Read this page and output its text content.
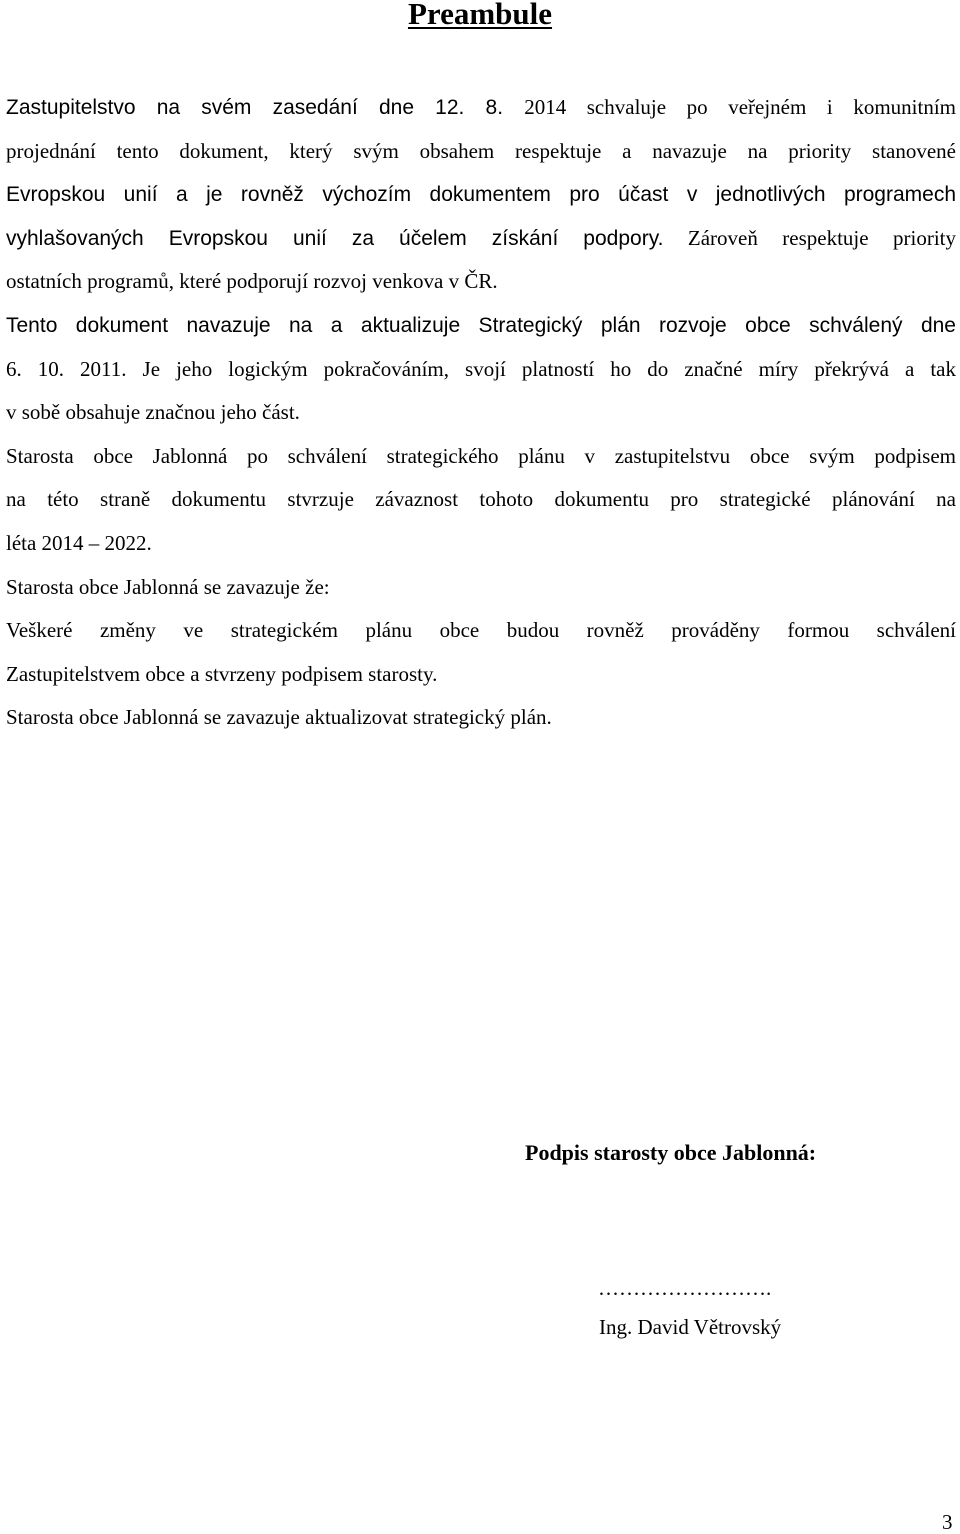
Preambule
Zastupitelstvo na svém zasedání dne 12. 8. 2014 schvaluje po veřejném i komunitním
projednání tento dokument, který svým obsahem respektuje a navazuje na priority stanovené
Evropskou unií a je rovněž výchozím dokumentem pro účast v jednotlivých programech
vyhlašovaných Evropskou unií za účelem získání podpory. Zároveň respektuje priority
ostatních programů, které podporují rozvoj venkova v ČR.
Tento dokument navazuje na a aktualizuje Strategický plán rozvoje obce schválený dne
6. 10. 2011. Je jeho logickým pokračováním, svojí platností ho do značné míry překrývá a tak
v sobě obsahuje značnou jeho část.
Starosta obce Jablonná po schválení strategického plánu v zastupitelstvu obce svým podpisem
na této straně dokumentu stvrzuje závaznost tohoto dokumentu pro strategické plánování na
léta 2014 – 2022.
Starosta obce Jablonná se zavazuje že:
Veškeré změny ve strategickém plánu obce budou rovněž prováděny formou schválení
Zastupitelstvem obce a stvrzeny podpisem starosty.
Starosta obce Jablonná se zavazuje aktualizovat strategický plán.
Podpis starosty obce Jablonná:
…………………….
Ing. David Větrovský
3
